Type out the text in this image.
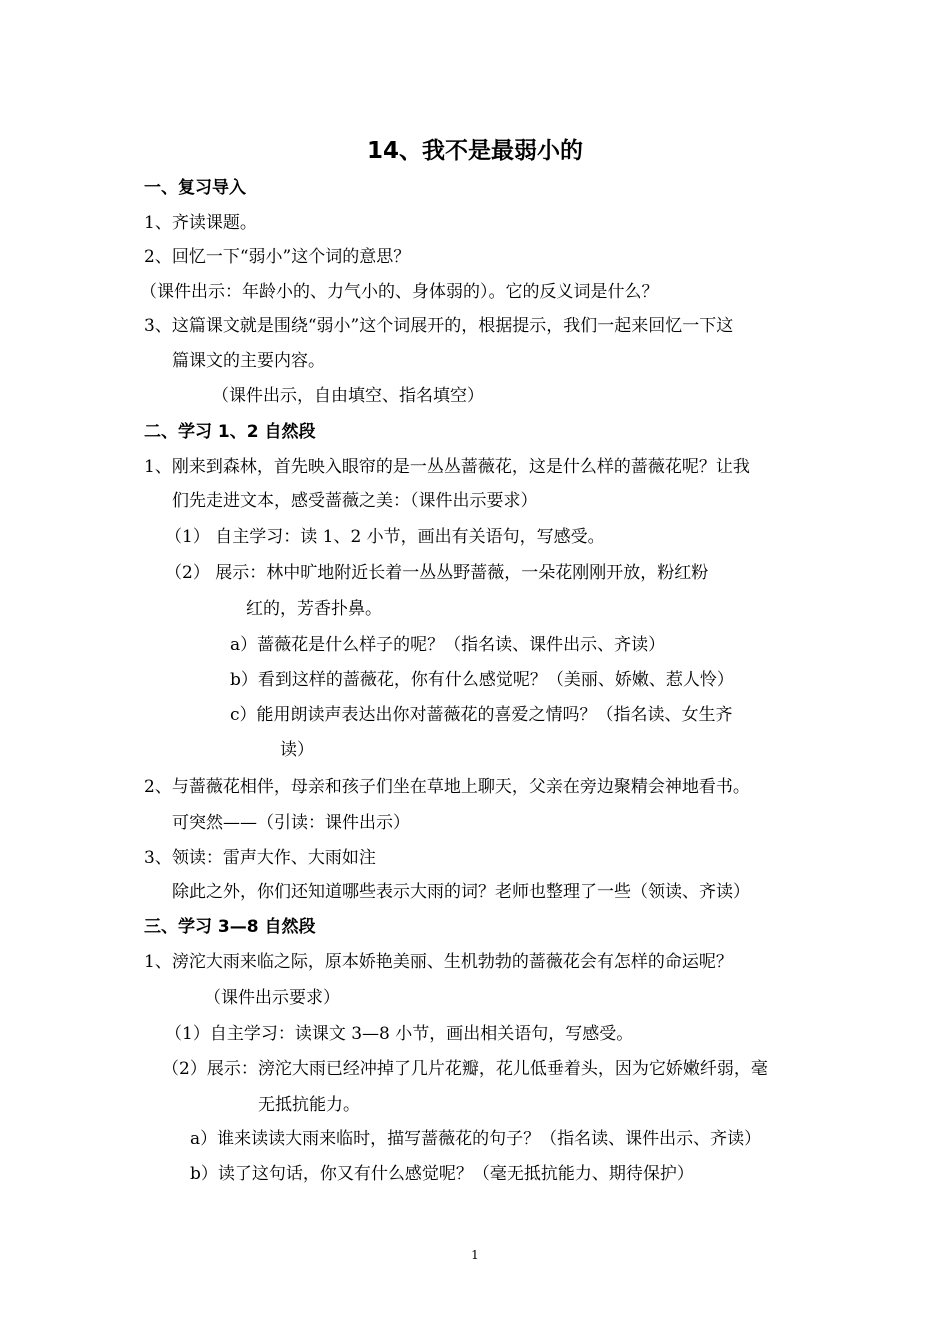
14、我不是最弱小的
一、复习导入
1、齐读课题。
2、回忆一下“弱小”这个词的意思？
（课件出示：年龄小的、力气小的、身体弱的）。它的反义词是什么？
3、这篇课文就是围绕“弱小”这个词展开的，根据提示，我们一起来回忆一下这
篇课文的主要内容。
（课件出示，自由填空、指名填空）
二、学习 1、2 自然段
1、刚来到森林，首先映入眼帘的是一丛丛蔷薇花，这是什么样的蔷薇花呢？让我
们先走进文本，感受蔷薇之美：（课件出示要求）
（1） 自主学习：读 1、2 小节，画出有关语句，写感受。
（2） 展示：林中旷地附近长着一丛丛野蔷薇，一朵花刚刚开放，粉红粉
红的，芳香扑鼻。
a）蔷薇花是什么样子的呢？（指名读、课件出示、齐读）
b）看到这样的蔷薇花，你有什么感觉呢？（美丽、娇嫩、惹人怜）
c）能用朗读声表达出你对蔷薇花的喜爱之情吗？（指名读、女生齐
读）
2、与蔷薇花相伴，母亲和孩子们坐在草地上聊天，父亲在旁边聚精会神地看书。
可突然——（引读：课件出示）
3、领读：雷声大作、大雨如注
除此之外，你们还知道哪些表示大雨的词？老师也整理了一些（领读、齐读）
三、学习 3—8 自然段
1、滂沱大雨来临之际，原本娇艳美丽、生机勃勃的蔷薇花会有怎样的命运呢？
（课件出示要求）
（1）自主学习：读课文 3—8 小节，画出相关语句，写感受。
（2）展示：滂沱大雨已经冲掉了几片花瓣，花儿低垂着头，因为它娇嫩纤弱，毫
无抵抗能力。
a）谁来读读大雨来临时，描写蔷薇花的句子？（指名读、课件出示、齐读）
b）读了这句话，你又有什么感觉呢？（毫无抵抗能力、期待保护）
1
